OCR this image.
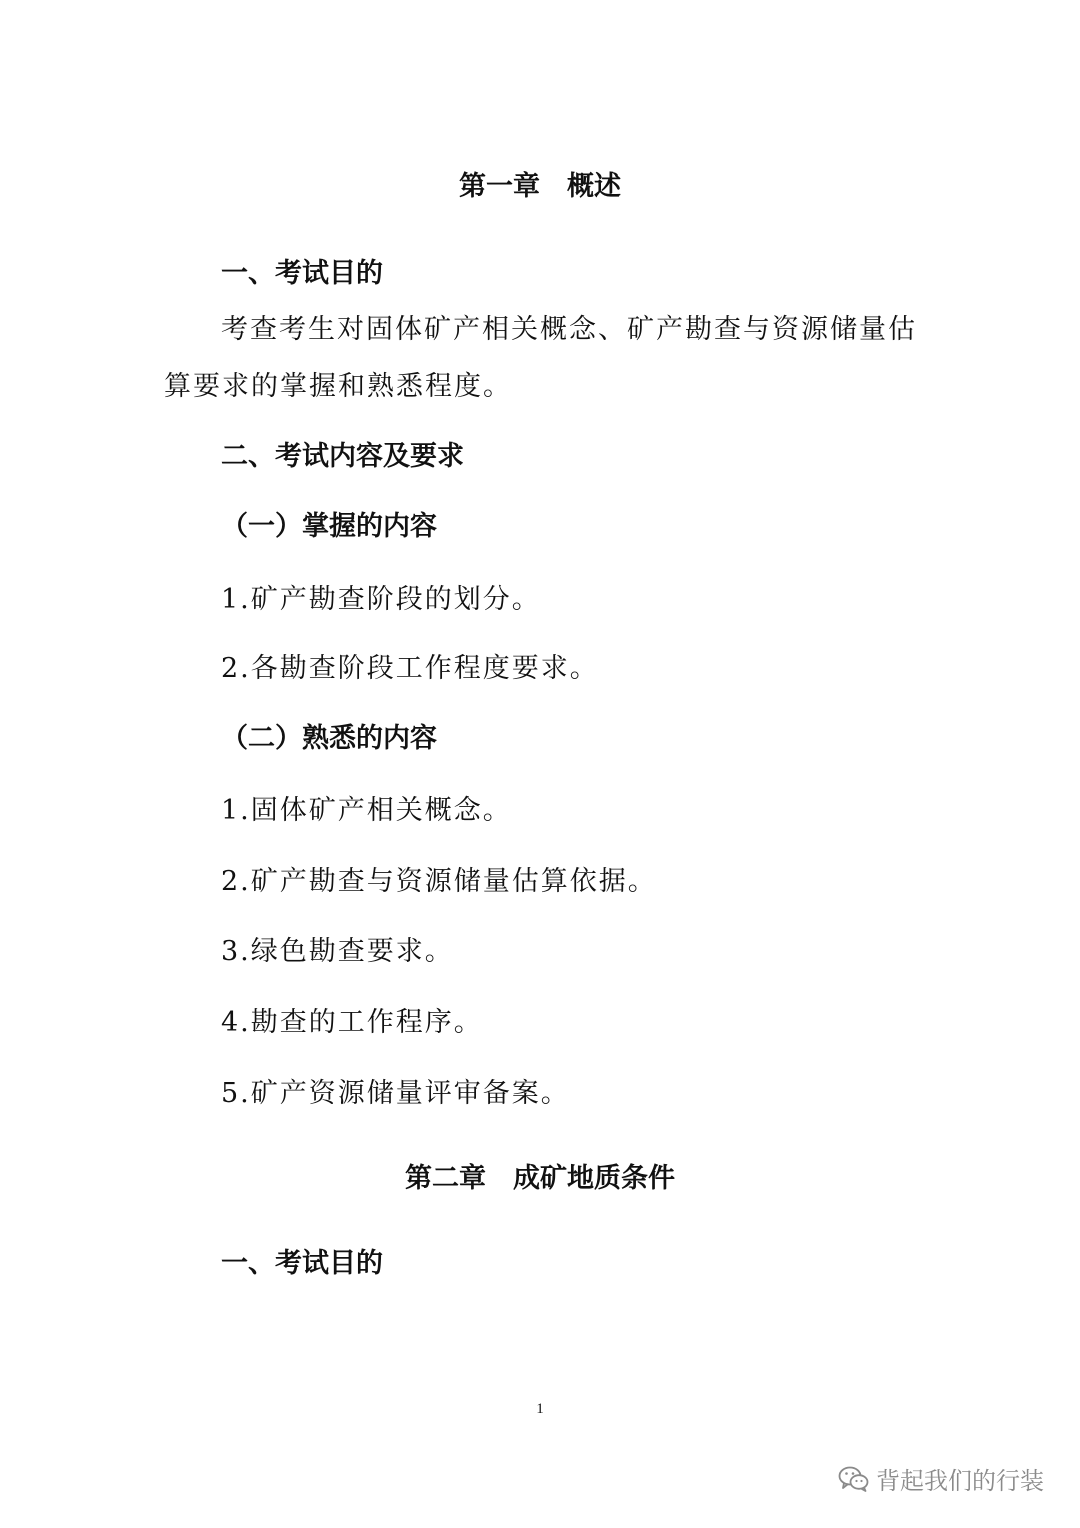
第一章　概述
一、考试目的
考查考生对固体矿产相关概念、矿产勘查与资源储量估
算要求的掌握和熟悉程度。
二、考试内容及要求
（一）掌握的内容
1.矿产勘查阶段的划分。
2.各勘查阶段工作程度要求。
（二）熟悉的内容
1.固体矿产相关概念。
2.矿产勘查与资源储量估算依据。
3.绿色勘查要求。
4.勘查的工作程序。
5.矿产资源储量评审备案。
第二章　成矿地质条件
一、考试目的
1
背起我们的行装
